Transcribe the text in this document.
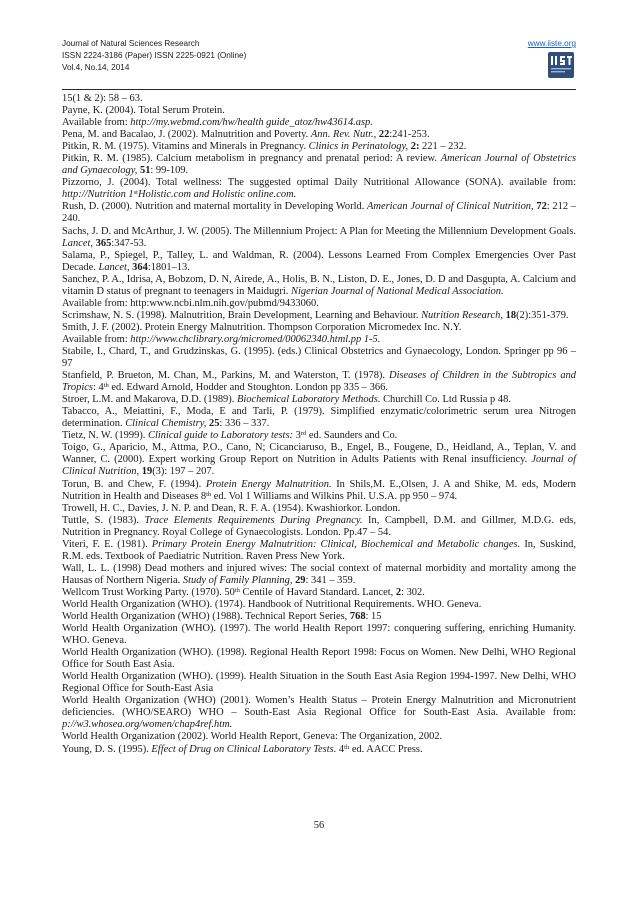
Journal of Natural Sciences Research
ISSN 2224-3186 (Paper) ISSN 2225-0921 (Online)
Vol.4, No.14, 2014
www.iiste.org

15(1 & 2): 58 – 63.

Payne, K. (2004). Total Serum Protein.

Available from: http://my.webmd.com/hw/health guide_atoz/hw43614.asp.

Pena, M. and Bacalao, J. (2002). Malnutrition and Poverty. Ann. Rev. Nutr., 22:241-253.

Pitkin, R. M. (1975). Vitamins and Minerals in Pregnancy. Clinics in Perinatology, 2: 221 – 232.

Pitkin, R. M. (1985). Calcium metabolism in pregnancy and prenatal period: A review. American Journal of Obstetrics and Gynaecology, 51: 99-109.

Pizzorno, J. (2004). Total wellness: The suggested optimal Daily Nutritional Allowance (SONA). available from: http://Nutrition 1stHolistic.com and Holistic online.com.

Rush, D. (2000). Nutrition and maternal mortality in Developing World. American Journal of Clinical Nutrition, 72: 212 – 240.

Sachs, J. D. and McArthur, J. W. (2005). The Millennium Project: A Plan for Meeting the Millennium Development Goals. Lancet, 365:347-53.

Salama, P., Spiegel, P., Talley, L. and Waldman, R. (2004). Lessons Learned From Complex Emergencies Over Past Decade. Lancet, 364:1801–13.

Sanchez, P. A., Idrisa, A, Bobzom, D. N, Airede, A., Holis, B. N., Liston, D. E., Jones, D. D and Dasgupta, A. Calcium and vitamin D status of pregnant to teenagers in Maidugri. Nigerian Journal of National Medical Association.

Available from: http:www.ncbi.nlm.nih.gov/pubmd/9433060.

Scrimshaw, N. S. (1998). Malnutrition, Brain Development, Learning and Behaviour. Nutrition Research, 18(2):351-379.

Smith, J. F. (2002). Protein Energy Malnutrition. Thompson Corporation Micromedex Inc. N.Y.

Available from: http://www.chclibrary.org/micromed/00062340.html.pp 1-5.

Stabile, I., Chard, T., and Grudzinskas, G. (1995). (eds.) Clinical Obstetrics and Gynaecology, London. Springer pp 96 – 97

Stanfield, P. Brueton, M. Chan, M., Parkins, M. and Waterston, T. (1978). Diseases of Children in the Subtropics and Tropics: 4th ed. Edward Arnold, Hodder and Stoughton. London pp 335 – 366.

Stroer, L.M. and Makarova, D.D. (1989). Biochemical Laboratory Methods. Churchill Co. Ltd Russia p 48.

Tabacco, A., Meiattini, F., Moda, E and Tarli, P. (1979). Simplified enzymatic/colorimetric serum urea Nitrogen determination. Clinical Chemistry, 25: 336 – 337.

Tietz, N. W. (1999). Clinical guide to Laboratory tests: 3rd ed. Saunders and Co.

Toigo, G., Aparicio, M., Attma, P.O., Cano, N; Cicanciaruso, B., Engel, B., Fougene, D., Heidland, A., Teplan, V. and Wanner, C. (2000). Expert working Group Report on Nutrition in Adults Patients with Renal insufficiency. Journal of Clinical Nutrition, 19(3): 197 – 207.

Torun, B. and Chew, F. (1994). Protein Energy Malnutrition. In Shils,M. E.,Olsen, J. A and Shike, M. eds, Modern Nutrition in Health and Diseases 8th ed. Vol 1 Williams and Wilkins Phil. U.S.A. pp 950 – 974.

Trowell, H. C., Davies, J. N. P. and Dean, R. F. A. (1954). Kwashiorkor. London.

Tuttle, S. (1983). Trace Elements Requirements During Pregnancy. In, Campbell, D.M. and Gillmer, M.D.G. eds, Nutrition in Pregnancy. Royal College of Gynaecologists. London. Pp.47 – 54.

Viteri, F. E. (1981). Primary Protein Energy Malnutrition: Clinical, Biochemical and Metabolic changes. In, Suskind, R.M. eds. Textbook of Paediatric Nutrition. Raven Press New York.

Wall, L. L. (1998) Dead mothers and injured wives: The social context of maternal morbidity and mortality among the Hausas of Northern Nigeria. Study of Family Planning, 29: 341 – 359.

Wellcom Trust Working Party. (1970). 50th Centile of Havard Standard. Lancet, 2: 302.

World Health Organization (WHO). (1974). Handbook of Nutritional Requirements. WHO. Geneva.

World Health Organization (WHO) (1988). Technical Report Series, 768: 15

World Health Organization (WHO). (1997). The world Health Report 1997: conquering suffering, enriching Humanity. WHO. Geneva.

World Health Organization (WHO). (1998). Regional Health Report 1998: Focus on Women. New Delhi, WHO Regional Office for South East Asia.

World Health Organization (WHO). (1999). Health Situation in the South East Asia Region 1994-1997. New Delhi, WHO Regional Office for South-East Asia

World Health Organization (WHO) (2001). Women’s Health Status – Protein Energy Malnutrition and Micronutrient deficiencies. (WHO/SEARO) WHO – South-East Asia Regional Office for South-East Asia. Available from: p://w3.whosea.org/women/chap4ref.htm.

World Health Organization (2002). World Health Report, Geneva: The Organization, 2002.

Young, D. S. (1995). Effect of Drug on Clinical Laboratory Tests. 4th ed. AACC Press.

56
